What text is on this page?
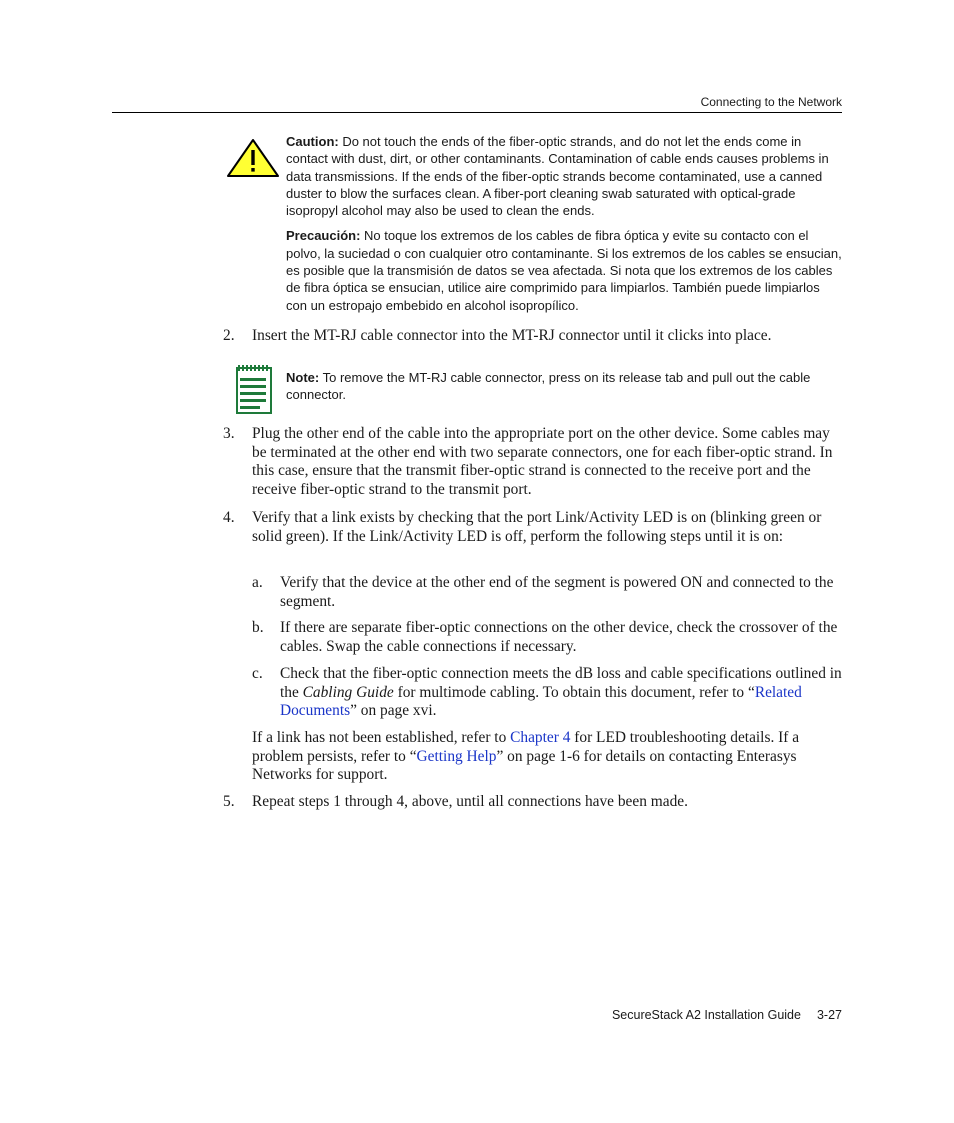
Connecting to the Network

Caution: Do not touch the ends of the fiber-optic strands, and do not let the ends come in contact with dust, dirt, or other contaminants. Contamination of cable ends causes problems in data transmissions. If the ends of the fiber-optic strands become contaminated, use a canned duster to blow the surfaces clean. A fiber-port cleaning swab saturated with optical-grade isopropyl alcohol may also be used to clean the ends.

Precaución: No toque los extremos de los cables de fibra óptica y evite su contacto con el polvo, la suciedad o con cualquier otro contaminante. Si los extremos de los cables se ensucian, es posible que la transmisión de datos se vea afectada. Si nota que los extremos de los cables de fibra óptica se ensucian, utilice aire comprimido para limpiarlos. También puede limpiarlos con un estropajo embebido en alcohol isopropílico.

2. Insert the MT-RJ cable connector into the MT-RJ connector until it clicks into place.
Note: To remove the MT-RJ cable connector, press on its release tab and pull out the cable connector.
3. Plug the other end of the cable into the appropriate port on the other device. Some cables may be terminated at the other end with two separate connectors, one for each fiber-optic strand. In this case, ensure that the transmit fiber-optic strand is connected to the receive port and the receive fiber-optic strand to the transmit port.
4. Verify that a link exists by checking that the port Link/Activity LED is on (blinking green or solid green). If the Link/Activity LED is off, perform the following steps until it is on:
a. Verify that the device at the other end of the segment is powered ON and connected to the segment.
b. If there are separate fiber-optic connections on the other device, check the crossover of the cables. Swap the cable connections if necessary.
c. Check that the fiber-optic connection meets the dB loss and cable specifications outlined in the Cabling Guide for multimode cabling. To obtain this document, refer to “Related Documents” on page xvi.
If a link has not been established, refer to Chapter 4 for LED troubleshooting details. If a problem persists, refer to “Getting Help” on page 1-6 for details on contacting Enterasys Networks for support.
5. Repeat steps 1 through 4, above, until all connections have been made.
SecureStack A2 Installation Guide 3-27
